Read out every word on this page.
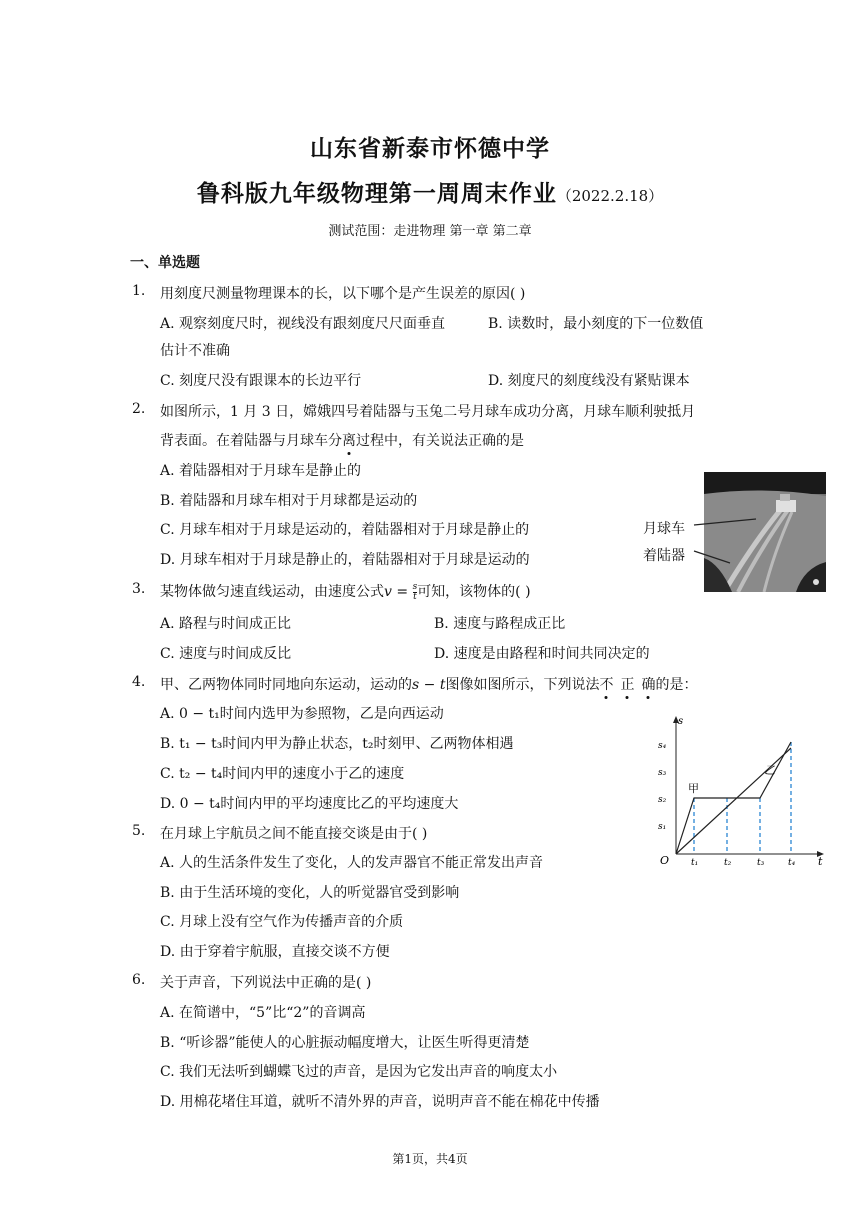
山东省新泰市怀德中学
鲁科版九年级物理第一周周末作业（2022.2.18）
测试范围：走进物理 第一章 第二章
一、单选题
1. 用刻度尺测量物理课本的长，以下哪个是产生误差的原因( )
A. 观察刻度尺时，视线没有跟刻度尺尺面垂直	B. 读数时，最小刻度的下一位数值
估计不准确
C. 刻度尺没有跟课本的长边平行	D. 刻度尺的刻度线没有紧贴课本
2. 如图所示，1 月 3 日，嫦娥四号着陆器与玉兔二号月球车成功分离，月球车顺利驶抵月
背表面。在着陆器与月球车分离过程中，有关说法正确的是
A. 着陆器相对于月球车是静止的
B. 着陆器和月球车相对于月球都是运动的
C. 月球车相对于月球是运动的，着陆器相对于月球是静止的
D. 月球车相对于月球是静止的，着陆器相对于月球是运动的
月球车
着陆器
3. 某物体做匀速直线运动，由速度公式$v = \frac{s}{t}$ 可知，该物体的( )
A. 路程与时间成正比	B. 速度与路程成正比
C. 速度与时间成反比	D. 速度是由路程和时间共同决定的
4. 甲、乙两物体同时同地向东运动，运动的s − t图像如图所示，下列说法不  正  确的是：
A. 0 − t₁时间内选甲为参照物，乙是向西运动
B. t₁ − t₃时间内甲为静止状态，t₂时刻甲、乙两物体相遇
C. t₂ − t₄时间内甲的速度小于乙的速度
D. 0 − t₄时间内甲的平均速度比乙的平均速度大
s
t
O
s₄
s₃
s₂
s₁
t₁	t₂	t₃	t₄
甲
乙
5. 在月球上宇航员之间不能直接交谈是由于( )
A. 人的生活条件发生了变化，人的发声器官不能正常发出声音
B. 由于生活环境的变化，人的听觉器官受到影响
C. 月球上没有空气作为传播声音的介质
D. 由于穿着宇航服，直接交谈不方便
6. 关于声音，下列说法中正确的是( )
A. 在简谱中，“5”比“2”的音调高
B. “听诊器”能使人的心脏振动幅度增大，让医生听得更清楚
C. 我们无法听到蝴蝶飞过的声音，是因为它发出声音的响度太小
D. 用棉花堵住耳道，就听不清外界的声音，说明声音不能在棉花中传播
第1页，共4页
